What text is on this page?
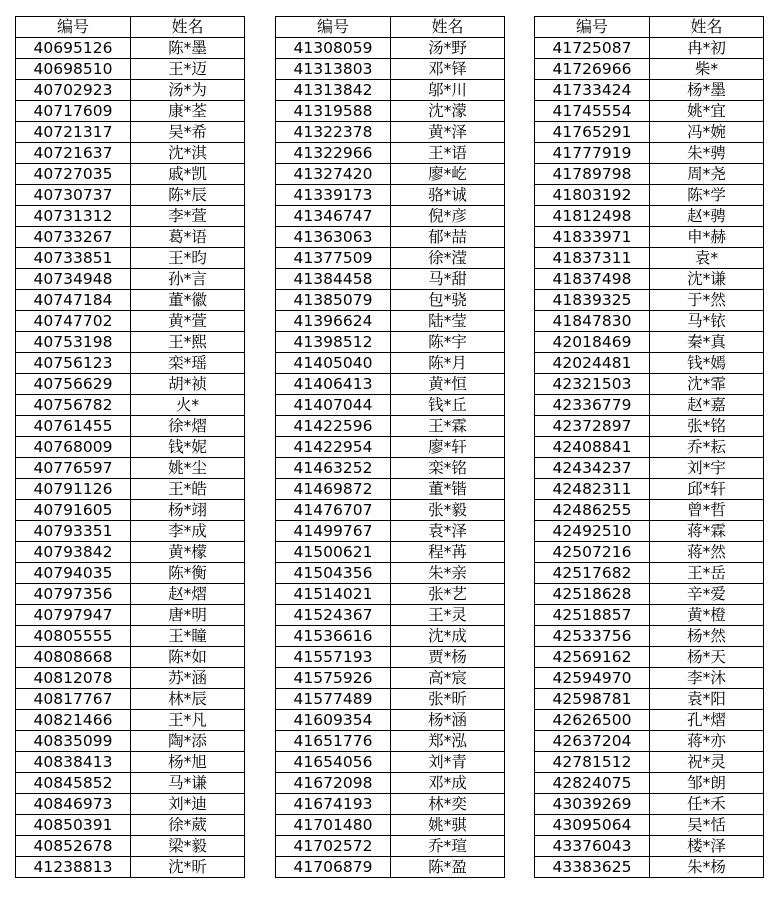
编号	姓名
40695126	陈*墨
40698510	王*迈
40702923	汤*为
40717609	康*荃
40721317	吴*希
40721637	沈*淇
40727035	戚*凯
40730737	陈*辰
40731312	李*萱
40733267	葛*语
40733851	王*昀
40734948	孙*言
40747184	董*徽
40747702	黄*萱
40753198	王*熙
40756123	栾*瑶
40756629	胡*祯
40756782	火*
40761455	徐*熠
40768009	钱*妮
40776597	姚*尘
40791126	王*皓
40791605	杨*翊
40793351	李*成
40793842	黄*檬
40794035	陈*衡
40797356	赵*熠
40797947	唐*明
40805555	王*瞳
40808668	陈*如
40812078	苏*涵
40817767	林*辰
40821466	王*凡
40835099	陶*添
40838413	杨*旭
40845852	马*谦
40846973	刘*迪
40850391	徐*葳
40852678	梁*毅
41238813	沈*昕
编号	姓名
41308059	汤*野
41313803	邓*铎
41313842	邬*川
41319588	沈*濛
41322378	黄*泽
41322966	王*语
41327420	廖*屹
41339173	骆*诚
41346747	倪*彦
41363063	郁*喆
41377509	徐*滢
41384458	马*甜
41385079	包*骁
41396624	陆*莹
41398512	陈*宇
41405040	陈*月
41406413	黄*恒
41407044	钱*丘
41422596	王*霖
41422954	廖*轩
41463252	栾*铭
41469872	董*锴
41476707	张*毅
41499767	袁*泽
41500621	程*苒
41504356	朱*亲
41514021	张*艺
41524367	王*灵
41536616	沈*成
41557193	贾*杨
41575926	高*宸
41577489	张*昕
41609354	杨*涵
41651776	郑*泓
41654056	刘*青
41672098	邓*成
41674193	林*奕
41701480	姚*骐
41702572	乔*瑄
41706879	陈*盈
编号	姓名
41725087	冉*初
41726966	柴*
41733424	杨*墨
41745554	姚*宜
41765291	冯*婉
41777919	朱*骋
41789798	周*尧
41803192	陈*学
41812498	赵*骋
41833971	申*赫
41837311	袁*
41837498	沈*谦
41839325	于*然
41847830	马*铱
42018469	秦*真
42024481	钱*嫣
42321503	沈*霏
42336779	赵*嘉
42372897	张*铭
42408841	乔*耘
42434237	刘*宇
42482311	邱*轩
42486255	曾*哲
42492510	蒋*霖
42507216	蒋*然
42517682	王*岳
42518628	辛*爱
42518857	黄*橙
42533756	杨*然
42569162	杨*天
42594970	李*沐
42598781	袁*阳
42626500	孔*熠
42637204	蒋*亦
42781512	祝*灵
42824075	邹*朗
43039269	任*禾
43095064	吴*恬
43376043	楼*泽
43383625	朱*杨
